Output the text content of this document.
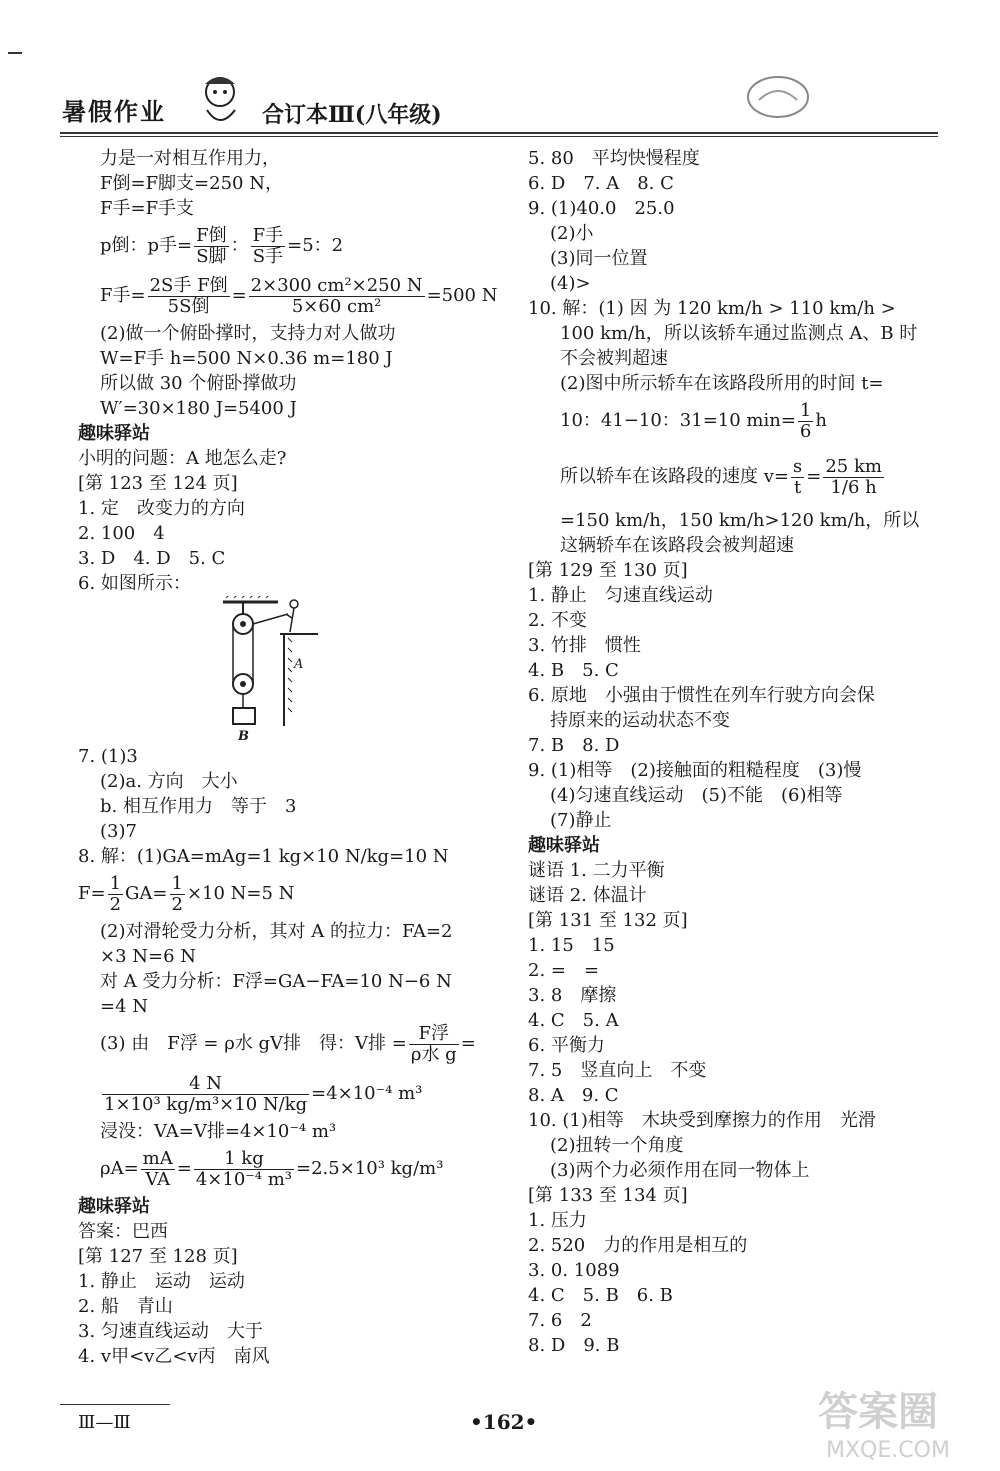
暑假作业	合订本Ⅲ(八年级)
力是一对相互作用力，
F倒=F脚支=250 N，
F手=F手支
p倒：p手= $\frac{\text{F倒}}{\text{S脚}}$ ： $\frac{\text{F手}}{\text{S手}} =5$：2
F手= $\frac{\text{2S手 F倒}}{\text{5S倒}} = \frac{\text{2×300 cm²×250 N}}{\text{5×60 cm²}} =500$ N
(2)做一个俯卧撑时，支持力对人做功
W=F手 h=500 N×0.36 m=180 J
所以做 30 个俯卧撑做功
W′=30×180 J=5400 J
趣味驿站
小明的问题：A 地怎么走?
[第 123 至 124 页]
1. 定　改变力的方向
2. 100　4
3. D　4. D　5. C
6. 如图所示：
A
B
7. (1)3
(2)a. 方向　大小
b. 相互作用力　等于　3
(3)7
8. 解：(1)GA=mAg=1 kg×10 N/kg=10 N
$F= \frac{1}{2} GA= \frac{1}{2} \times 10$ N=5 N
(2)对滑轮受力分析，其对 A 的拉力：FA=2
×3 N=6 N
对 A 受力分析：F浮=GA−FA=10 N−6 N
=4 N
(3) 由　F浮 = ρ水 gV排　得：V排 = $\frac{\text{F浮}}{\text{ρ水 g}}$ =
$\frac{4 N}{\text{1×10³ kg/m³×10 N/kg}} =4\times 10^{-4}$ m³
浸没：VA=V排=4×10⁻⁴ m³
$\rho A= \frac{mA}{VA} = \frac{1 kg}{\text{4×10⁻⁴ m³}} =2.5\times 10^3$ kg/m³
趣味驿站
答案：巴西
[第 127 至 128 页]
1. 静止　运动　运动
2. 船　青山
3. 匀速直线运动　大于
4. v甲<v乙<v丙　南风
5. 80　平均快慢程度
6. D　7. A　8. C
9. (1)40.0　25.0
(2)小
(3)同一位置
(4)>
10. 解：(1) 因 为 120 km/h > 110 km/h >
100 km/h，所以该轿车通过监测点 A、B 时
不会被判超速
(2)图中所示轿车在该路段所用的时间 t=
10：41−10：31=10 $\min= \frac{1}{6}$ h
所以轿车在该路段的速度 $v= \frac{s}{t} = \frac{25 km}{1/6 h}$
=150 km/h，150 km/h>120 km/h，所以
这辆轿车在该路段会被判超速
[第 129 至 130 页]
1. 静止　匀速直线运动
2. 不变
3. 竹排　惯性
4. B　5. C
6. 原地　小强由于惯性在列车行驶方向会保
持原来的运动状态不变
7. B　8. D
9. (1)相等　(2)接触面的粗糙程度　(3)慢
(4)匀速直线运动　(5)不能　(6)相等
(7)静止
趣味驿站
谜语 1. 二力平衡
谜语 2. 体温计
[第 131 至 132 页]
1. 15　15
2. =　=
3. 8　摩擦
4. C　5. A
6. 平衡力
7. 5　竖直向上　不变
8. A　9. C
10. (1)相等　木块受到摩擦力的作用　光滑
(2)扭转一个角度
(3)两个力必须作用在同一物体上
[第 133 至 134 页]
1. 压力
2. 520　力的作用是相互的
3. 0. 1089
4. C　5. B　6. B
7. 6　2
8. D　9. B
Ⅲ—Ⅲ	•162•	答案圈
MXQE.COM
